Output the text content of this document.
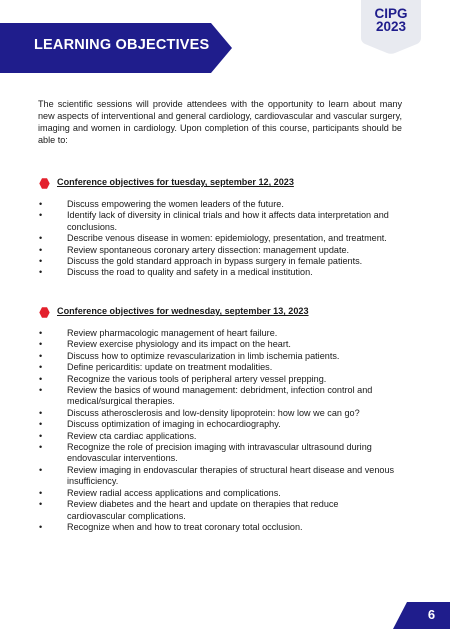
LEARNING OBJECTIVES
CIPG
2023

The scientific sessions will provide attendees with the opportunity to learn about many new aspects of interventional and general cardiology, cardiovascular and vascular surgery, imaging and women in cardiology. Upon completion of this course, participants should be able to:

Conference objectives for tuesday, september 12, 2023
•	Discuss empowering the women leaders of the future.
•	Identify lack of diversity in clinical trials and how it affects data interpretation and conclusions.
•	Describe venous disease in women: epidemiology, presentation, and treatment.
•	Review spontaneous coronary artery dissection: management update.
•	Discuss the gold standard approach in bypass surgery in female patients.
•	Discuss the road to quality and safety in a medical institution.
Conference objectives for wednesday, september 13, 2023
•	Review pharmacologic management of heart failure.
•	Review exercise physiology and its impact on the heart.
•	Discuss how to optimize revascularization in limb ischemia patients.
•	Define pericarditis: update on treatment modalities.
•	Recognize the various tools of peripheral artery vessel prepping.
•	Review the basics of wound management: debridment, infection control and medical/surgical therapies.
•	Discuss atherosclerosis and low-density lipoprotein: how low we can go?
•	Discuss optimization of imaging in echocardiography.
•	Review cta cardiac applications.
•	Recognize the role of precision imaging with intravascular ultrasound during endovascular interventions.
•	Review imaging in endovascular therapies of structural heart disease and venous insufficiency.
•	Review radial access applications and complications.
•	Review diabetes and the heart and update on therapies that reduce cardiovascular complications.
•	Recognize when and how to treat coronary total occlusion.
6
